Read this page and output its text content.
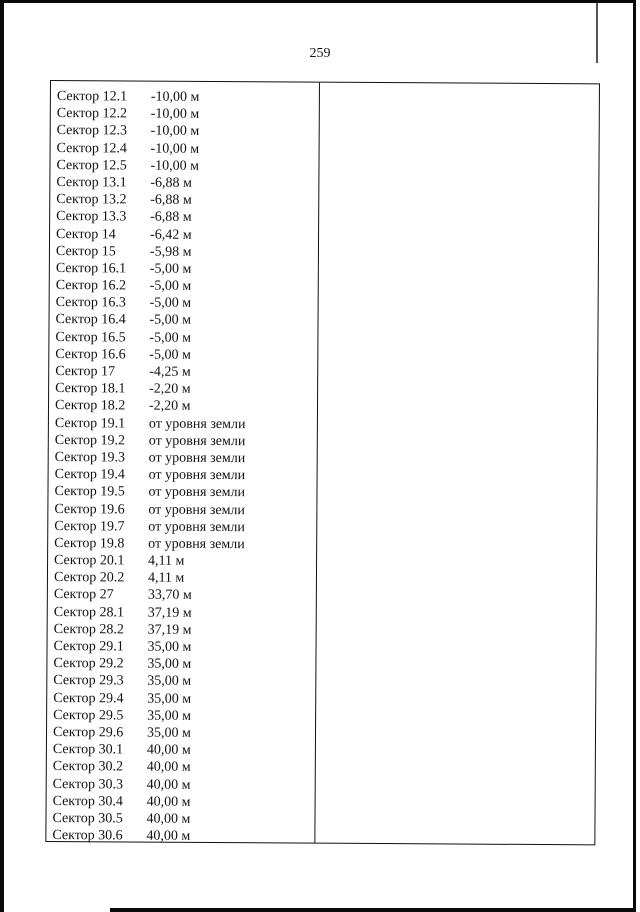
259
Сектор 12.1	-10,00 м
Сектор 12.2	-10,00 м
Сектор 12.3	-10,00 м
Сектор 12.4	-10,00 м
Сектор 12.5	-10,00 м
Сектор 13.1	-6,88 м
Сектор 13.2	-6,88 м
Сектор 13.3	-6,88 м
Сектор 14	-6,42 м
Сектор 15	-5,98 м
Сектор 16.1	-5,00 м
Сектор 16.2	-5,00 м
Сектор 16.3	-5,00 м
Сектор 16.4	-5,00 м
Сектор 16.5	-5,00 м
Сектор 16.6	-5,00 м
Сектор 17	-4,25 м
Сектор 18.1	-2,20 м
Сектор 18.2	-2,20 м
Сектор 19.1	от уровня земли
Сектор 19.2	от уровня земли
Сектор 19.3	от уровня земли
Сектор 19.4	от уровня земли
Сектор 19.5	от уровня земли
Сектор 19.6	от уровня земли
Сектор 19.7	от уровня земли
Сектор 19.8	от уровня земли
Сектор 20.1	4,11 м
Сектор 20.2	4,11 м
Сектор 27	33,70 м
Сектор 28.1	37,19 м
Сектор 28.2	37,19 м
Сектор 29.1	35,00 м
Сектор 29.2	35,00 м
Сектор 29.3	35,00 м
Сектор 29.4	35,00 м
Сектор 29.5	35,00 м
Сектор 29.6	35,00 м
Сектор 30.1	40,00 м
Сектор 30.2	40,00 м
Сектор 30.3	40,00 м
Сектор 30.4	40,00 м
Сектор 30.5	40,00 м
Сектор 30.6	40,00 м
